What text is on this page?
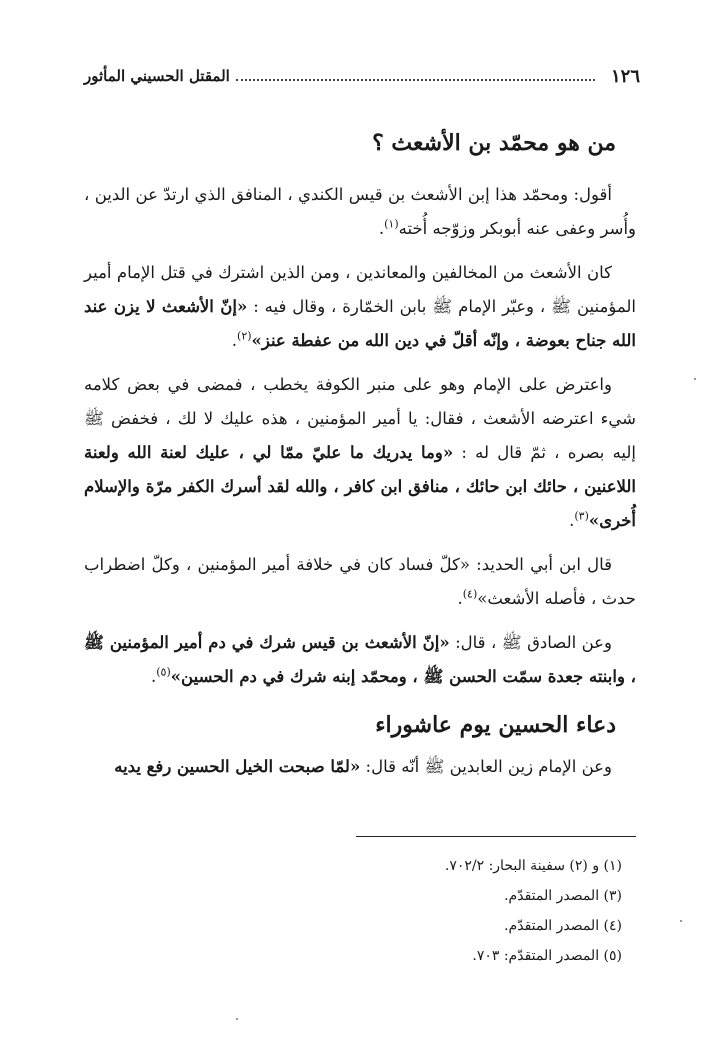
١٢٦
المقتل الحسيني المأثور
من هو محمّد بن الأشعث ؟

أقول: ومحمّد هذا إبن الأشعث بن قيس الكندي ، المنافق الذي ارتدّ عن الدين ، وأُسر وعفى عنه أبوبكر وزوّجه أُخته$^{(١)}$.

كان الأشعث من المخالفين والمعاندين ، ومن الذين اشترك في قتل الإمام أمير المؤمنين ﷺ ، وعبّر الإمام ﷺ بابن الخمّارة ، وقال فيه : «إنّ الأشعث لا يزن عند الله جناح بعوضة ، وإنّه أقلّ في دين الله من عفطة عنز»$^{(٢)}$.

واعترض على الإمام وهو على منبر الكوفة يخطب ، فمضى في بعض كلامه شيء اعترضه الأشعث ، فقال: يا أمير المؤمنين ، هذه عليك لا لك ، فخفض ﷺ إليه بصره ، ثمّ قال له : «وما يدريك ما عليّ ممّا لي ، عليك لعنة الله ولعنة اللاعنين ، حائك ابن حائك ، منافق ابن كافر ، والله لقد أسرك الكفر مرّة والإسلام أُخرى»$^{(٣)}$.

قال ابن أبي الحديد: «كلّ فساد كان في خلافة أمير المؤمنين ، وكلّ اضطراب حدث ، فأصله الأشعث»$^{(٤)}$.

وعن الصادق ﷺ ، قال: «إنّ الأشعث بن قيس شرك في دم أمير المؤمنين ﷺ ، وابنته جعدة سمّت الحسن ﷺ ، ومحمّد إبنه شرك في دم الحسين»$^{(٥)}$.

دعاء الحسين يوم عاشوراء

وعن الإمام زين العابدين ﷺ أنّه قال: «لمّا صبحت الخيل الحسين رفع يديه

(١) و (٢) سفينة البحار: ٧٠٢/٢.
(٣) المصدر المتقدّم.
(٤) المصدر المتقدّم.
(٥) المصدر المتقدّم: ٧٠٣.
